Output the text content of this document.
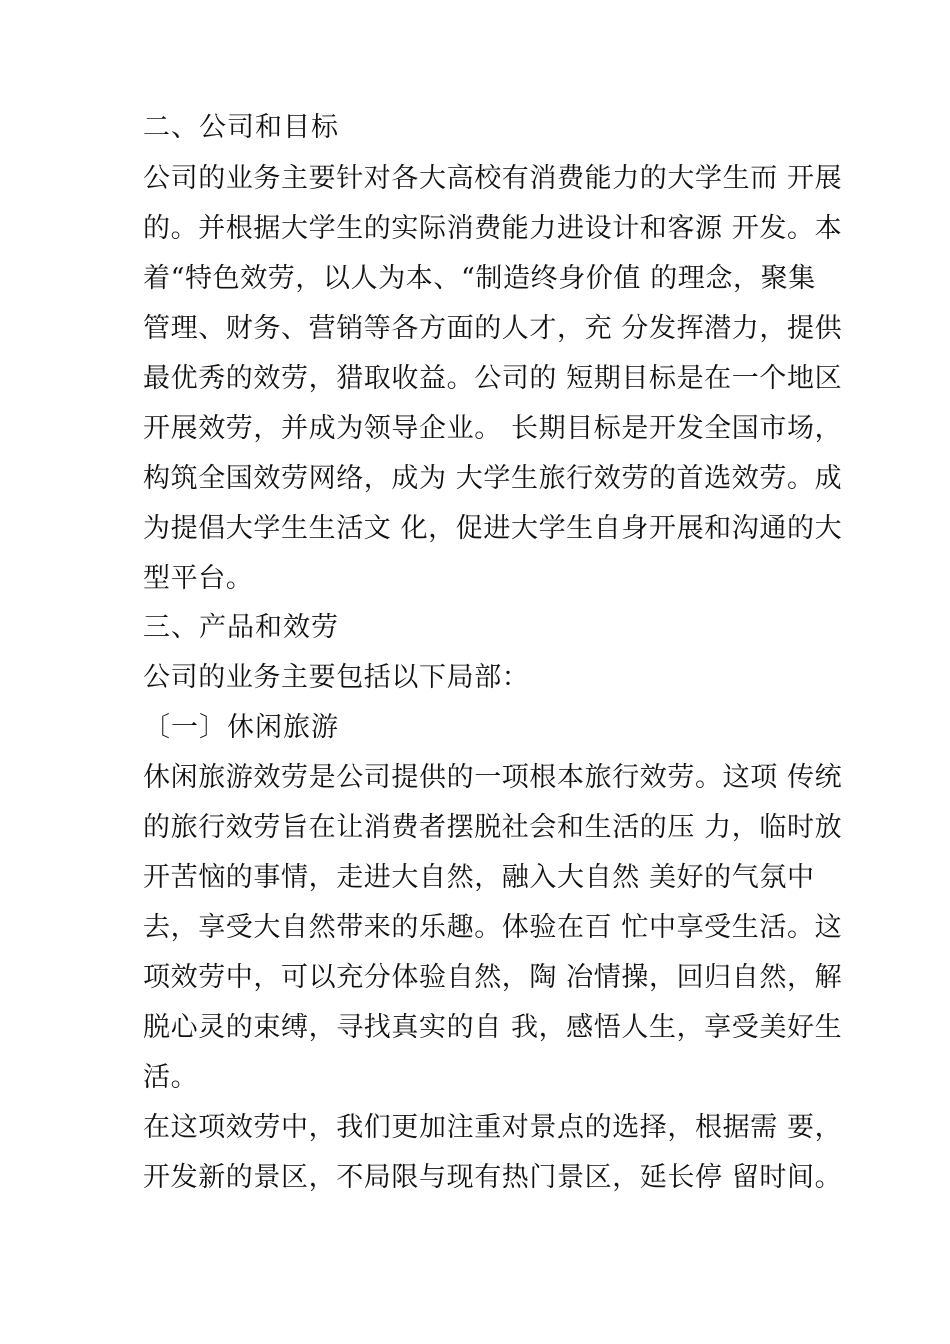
二、公司和目标
公司的业务主要针对各大高校有消费能力的大学生而 开展
的。并根据大学生的实际消费能力进设计和客源 开发。本
着“特色效劳，以人为本、“制造终身价值 的理念，聚集
管理、财务、营销等各方面的人才，充 分发挥潜力，提供
最优秀的效劳，猎取收益。公司的 短期目标是在一个地区
开展效劳，并成为领导企业。 长期目标是开发全国市场，
构筑全国效劳网络，成为 大学生旅行效劳的首选效劳。成
为提倡大学生生活文 化，促进大学生自身开展和沟通的大
型平台。
三、产品和效劳
公司的业务主要包括以下局部：
〔一〕休闲旅游
休闲旅游效劳是公司提供的一项根本旅行效劳。这项 传统
的旅行效劳旨在让消费者摆脱社会和生活的压 力，临时放
开苦恼的事情，走进大自然，融入大自然 美好的气氛中
去，享受大自然带来的乐趣。体验在百 忙中享受生活。这
项效劳中，可以充分体验自然，陶 冶情操，回归自然，解
脱心灵的束缚，寻找真实的自 我，感悟人生，享受美好生
活。
在这项效劳中，我们更加注重对景点的选择，根据需 要，
开发新的景区，不局限与现有热门景区，延长停 留时间。
